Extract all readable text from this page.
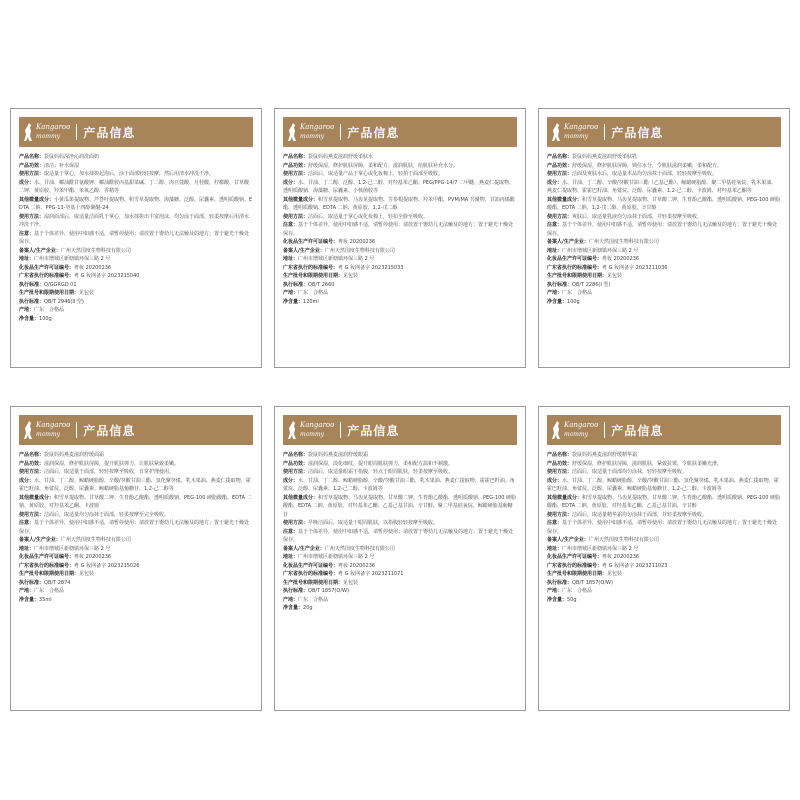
Kangaroo
mommy	产品信息

产品名称：袋鼠妈妈深净沁润洗面奶

产品功效：清洁；补水保湿

使用方法：取适量于掌心，加水揉搓起泡后，涂于面部轻轻按摩，然后用清水冲洗干净。

成分：水、甘油、椰油酰甘氨酸钾、椰油酰胺丙基甜菜碱、丁二醇、肉豆蔻酸、月桂酸、柠檬酸、甘草酸二钾、黄原胶、羟苯甲酯、苯氧乙醇、香精等

其他微量成分：小黄瓜果提取物、芦荟叶提取物、积雪草提取物、海藻糖、泛醇、尿囊素、透明质酸钠、EDTA 二钠、PPG-13-癸基十四醇聚醚-24

使用方法：湿润面部后，取适量洁面乳于掌心，加水揉搓出丰富泡沫，均匀涂于面部，轻柔按摩后用清水冲洗干净。

注意：基于个体差异，使用中如感不适，请暂停使用；请放置于婴幼儿无法触及的地方；置于避光干燥处保存。

备案人/生产企业：广州天然国度生物科技有限公司

地址：广州市增城区新塘镇环保三路 2 号

化妆品生产许可证编号：粤妆 20200236

广东省执行的标准编号：粤 G 妆网备字 2023215040

执行标准：Q/GGRGD 01

生产批号和限期使用日期：见包装

执行标准：QB/T 2946(II 型)

产地：广东　合格品

净含量：100g

Kangaroo
mommy	产品信息

产品名称：袋鼠妈妈燕麦滋润舒缓柔肤水

产品功效：舒缓保湿，修护肌肤屏障，柔和配方，滋润肌肤，给肌肤补充水分。

使用方法：洁面后，取适量产品于掌心或化妆棉上，轻拍于面部至吸收。

成分：水、甘油、丁二醇、泛醇、1,2-己二醇、对羟基苯乙酮、PEG/PPG-14/7 二甲醚、燕麦仁提取物、透明质酸钠、海藻糖、尿囊素、小核菌胶等

其他微量成分：积雪草提取物、马齿苋提取物、苦参根提取物、羟苯甲酯、PVM/MA 共聚物、甘油丙烯酸酯、透明质酸钠、EDTA 二钠、黄原胶、1,2-戊二醇

使用方法：洁面后，取适量于掌心或化妆棉上，轻拍全脸至吸收。

注意：基于个体差异，使用中如感不适，请暂停使用；请放置于婴幼儿无法触及的地方；置于避光干燥处保存。

化妆品生产许可证编号：粤妆 20200236

备案人/生产企业：广州天然国度生物科技有限公司

地址：广州市增城区新塘镇环保三路 2 号

广东省执行的标准编号：粤 G 妆网备字 2023215033

生产批号和限期使用日期：见包装

执行标准：QB/T 2660

产地：广东　合格品

净含量：120ml

Kangaroo
mommy	产品信息

产品名称：袋鼠妈妈燕麦滋润舒缓柔肤乳

产品功效：舒缓保湿，修护肌肤屏障，锁住水分，令肌肤滋润柔嫩，柔和配方。

使用方法：洁面及爽肤水后，取适量本品均匀涂抹于面部，轻轻按摩至吸收。

成分：水、甘油、丁二醇、辛酸/癸酸甘油三酯（乙基己酯）、鲸蜡硬脂醇、聚二甲基硅氧烷、乳木果油、燕麦仁提取物、霍霍巴籽油、角鲨烷、泛醇、尿囊素、1,2-己二醇、卡波姆、对羟基苯乙酮等

其他微量成分：积雪草提取物、马齿苋提取物、甘草酸二钾、生育酚乙酸酯、透明质酸钠、PEG-100 硬脂酸酯、EDTA 二钠、1,2-戊二醇、黄原胶、辛甘醇

使用方法：爽肤后，取适量乳液均匀涂抹于面部，并轻柔按摩至吸收。

注意：基于个体差异，使用中如感不适，请暂停使用；请放置于婴幼儿无法触及的地方；置于避光干燥处保存。

备案人/生产企业：广州天然国度生物科技有限公司

地址：广州市增城区新塘镇环保三路 2 号

化妆品生产许可证编号：粤妆 20200236

广东省执行的标准编号：粤 G 妆网备字 2023211036

生产批号和限期使用日期：见包装

执行标准：QB/T 2286(I 型)

产地：广东　合格品

净含量：100g

Kangaroo
mommy	产品信息

产品名称：袋鼠妈妈燕麦滋润舒缓面霜

产品功效：滋润保湿，修护肌肤屏障，提升肌肤弹力，让肌肤紧致柔嫩。

使用方法：洁面后，取适量于面部，轻轻按摩至吸收，日常护理使用。

成分：水、甘油、丁二醇、鲸蜡硬脂醇、辛酸/癸酸甘油三酯、氢化聚癸烯、乳木果油、燕麦仁提取物、霍霍巴籽油、角鲨烷、泛醇、尿囊素、鲸蜡硬脂基葡糖苷、1,2-己二醇等

其他微量成分：积雪草提取物、甘草酸二钾、生育酚乙酸酯、透明质酸钠、PEG-100 硬脂酸酯、EDTA 二钠、黄原胶、对羟基苯乙酮、卡波姆

使用方法：洁面后，取适量均匀涂抹于面部，轻柔按摩至完全吸收。

注意：基于个体差异，使用中如感不适，请暂停使用；请放置于婴幼儿无法触及的地方；置于避光干燥处保存。

备案人/生产企业：广州天然国度生物科技有限公司

地址：广州市增城区新塘镇环保三路 2 号

化妆品生产许可证编号：粤妆 20200236

广东省执行的标准编号：粤 G 妆网备字 2023215026

生产批号和限期使用日期：见包装

执行标准：QB/T 2874

产地：广东　合格品

净含量：35ml

Kangaroo
mommy	产品信息

产品名称：袋鼠妈妈燕麦滋润舒缓眼霜

产品功效：滋润保湿，淡化细纹，提升眼周肌肤弹力，柔和配方温和不刺激。

使用方法：洁面后，取适量眼霜于指腹，轻点于眼周肌肤，轻柔按摩至吸收。

成分：水、甘油、丁二醇、鲸蜡硬脂醇、辛酸/癸酸甘油三酯、乳木果油、燕麦仁提取物、霍霍巴籽油、角鲨烷、泛醇、尿囊素、1,2-己二醇、卡波姆等

其他微量成分：积雪草提取物、马齿苋提取物、甘草酸二钾、生育酚乙酸酯、透明质酸钠、PEG-100 硬脂酸酯、EDTA 二钠、黄原胶、对羟基苯乙酮、乙基己基甘油、辛甘醇、聚二甲基硅氧烷、鲸蜡硬脂基葡糖苷

使用方法：早晚洁面后，取适量于眼周肌肤，以指腹轻轻按摩至吸收。

注意：基于个体差异，使用中如感不适，请暂停使用；请放置于婴幼儿无法触及的地方；置于避光干燥处保存。

备案人/生产企业：广州天然国度生物科技有限公司

地址：广州市增城区新塘镇环保三路 2 号

化妆品生产许可证编号：粤妆 20200236

广东省执行的标准编号：粤 G 妆网备字 2023211071

生产批号和限期使用日期：见包装

执行标准：QB/T 1857(O/W)

产地：广东　合格品

净含量：20g

Kangaroo
mommy	产品信息

产品名称：袋鼠妈妈燕麦滋润舒缓精华霜

产品功效：舒缓保湿，修护肌肤屏障，滋润肌肤，紧致抗皱，令肌肤柔嫩光滑。

使用方法：洁面后，取适量于面部均匀涂抹，轻轻按摩至吸收。

成分：水、甘油、丁二醇、鲸蜡硬脂醇、辛酸/癸酸甘油三酯、氢化聚癸烯、乳木果油、燕麦仁提取物、霍霍巴籽油、角鲨烷、泛醇、尿囊素、鲸蜡硬脂基葡糖苷、1,2-己二醇、卡波姆等

其他微量成分：积雪草提取物、马齿苋提取物、甘草酸二钾、生育酚乙酸酯、透明质酸钠、PEG-100 硬脂酸酯、EDTA 二钠、黄原胶、对羟基苯乙酮、乙基己基甘油、辛甘醇

使用方法：洁面后，取适量精华霜均匀涂抹于面部，并轻柔按摩至吸收。

注意：基于个体差异，使用中如感不适，请暂停使用；请放置于婴幼儿无法触及的地方；置于避光干燥处保存。

备案人/生产企业：广州天然国度生物科技有限公司

地址：广州市增城区新塘镇环保三路 2 号

化妆品生产许可证编号：粤妆 20200236

广东省执行的标准编号：粤 G 妆网备字 2023211023

生产批号和限期使用日期：见包装

执行标准：QB/T 1857(O/W)

产地：广东　合格品

净含量：50g
